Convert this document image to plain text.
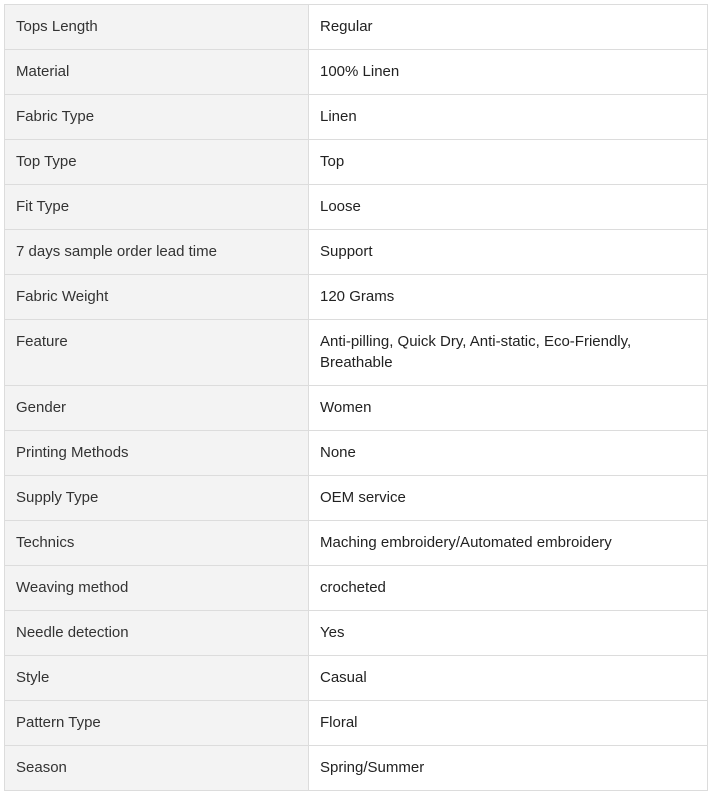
Tops Length	Regular
Material	100% Linen
Fabric Type	Linen
Top Type	Top
Fit Type	Loose
7 days sample order lead time	Support
Fabric Weight	120 Grams
Feature	Anti-pilling, Quick Dry, Anti-static, Eco-Friendly, Breathable
Gender	Women
Printing Methods	None
Supply Type	OEM service
Technics	Maching embroidery/Automated embroidery
Weaving method	crocheted
Needle detection	Yes
Style	Casual
Pattern Type	Floral
Season	Spring/Summer
